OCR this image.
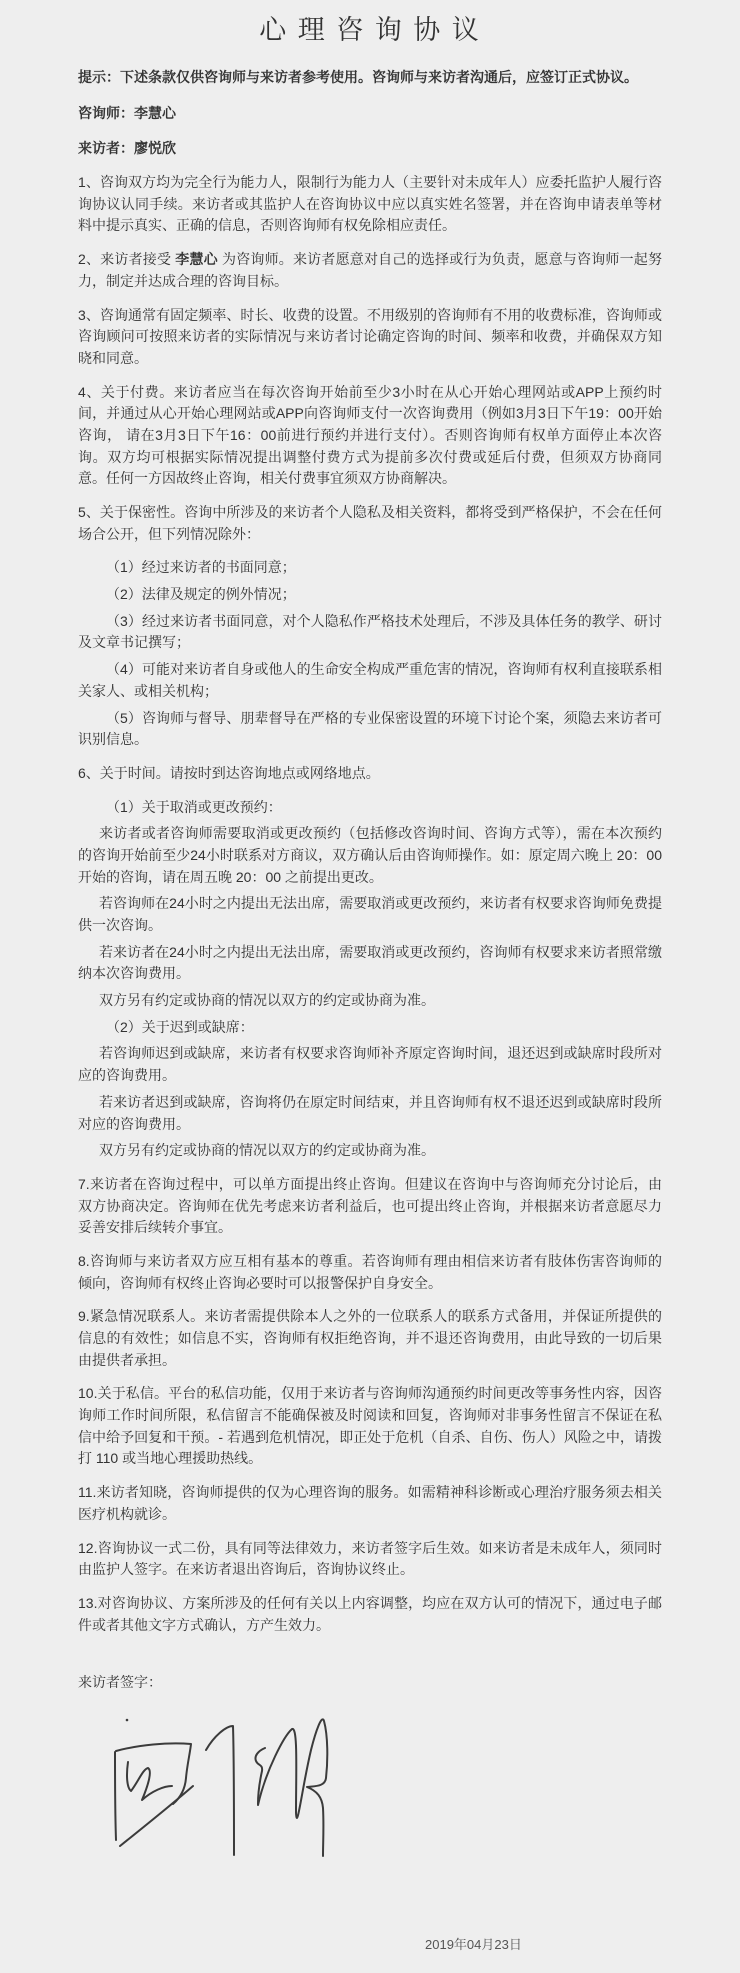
心 理 咨 询 协 议
提示：下述条款仅供咨询师与来访者参考使用。咨询师与来访者沟通后，应签订正式协议。
咨询师：李慧心
来访者：廖悦欣
1、咨询双方均为完全行为能力人，限制行为能力人（主要针对未成年人）应委托监护人履行咨询协议认同手续。来访者或其监护人在咨询协议中应以真实姓名签署，并在咨询申请表单等材料中提示真实、正确的信息，否则咨询师有权免除相应责任。
2、来访者接受 李慧心 为咨询师。来访者愿意对自己的选择或行为负责，愿意与咨询师一起努力，制定并达成合理的咨询目标。
3、咨询通常有固定频率、时长、收费的设置。不用级别的咨询师有不用的收费标准，咨询师或咨询顾问可按照来访者的实际情况与来访者讨论确定咨询的时间、频率和收费，并确保双方知晓和同意。
4、关于付费。来访者应当在每次咨询开始前至少3小时在从心开始心理网站或APP上预约时间，并通过从心开始心理网站或APP向咨询师支付一次咨询费用（例如3月3日下午19：00开始咨询， 请在3月3日下午16：00前进行预约并进行支付）。否则咨询师有权单方面停止本次咨询。双方均可根据实际情况提出调整付费方式为提前多次付费或延后付费，但须双方协商同意。任何一方因故终止咨询，相关付费事宜须双方协商解决。
5、关于保密性。咨询中所涉及的来访者个人隐私及相关资料，都将受到严格保护，不会在任何场合公开，但下列情况除外：
（1）经过来访者的书面同意；
（2）法律及规定的例外情况；
（3）经过来访者书面同意，对个人隐私作严格技术处理后，不涉及具体任务的教学、研讨及文章书记撰写；
（4）可能对来访者自身或他人的生命安全构成严重危害的情况，咨询师有权利直接联系相关家人、或相关机构；
（5）咨询师与督导、朋辈督导在严格的专业保密设置的环境下讨论个案，须隐去来访者可识别信息。
6、关于时间。请按时到达咨询地点或网络地点。
（1）关于取消或更改预约：
来访者或者咨询师需要取消或更改预约（包括修改咨询时间、咨询方式等），需在本次预约的咨询开始前至少24小时联系对方商议，双方确认后由咨询师操作。如：原定周六晚上 20：00 开始的咨询，请在周五晚 20：00 之前提出更改。
若咨询师在24小时之内提出无法出席，需要取消或更改预约，来访者有权要求咨询师免费提供一次咨询。
若来访者在24小时之内提出无法出席，需要取消或更改预约，咨询师有权要求来访者照常缴纳本次咨询费用。
双方另有约定或协商的情况以双方的约定或协商为准。
（2）关于迟到或缺席：
若咨询师迟到或缺席，来访者有权要求咨询师补齐原定咨询时间，退还迟到或缺席时段所对应的咨询费用。
若来访者迟到或缺席，咨询将仍在原定时间结束，并且咨询师有权不退还迟到或缺席时段所对应的咨询费用。
双方另有约定或协商的情况以双方的约定或协商为准。
7.来访者在咨询过程中，可以单方面提出终止咨询。但建议在咨询中与咨询师充分讨论后，由双方协商决定。咨询师在优先考虑来访者利益后，也可提出终止咨询，并根据来访者意愿尽力妥善安排后续转介事宜。
8.咨询师与来访者双方应互相有基本的尊重。若咨询师有理由相信来访者有肢体伤害咨询师的倾向，咨询师有权终止咨询必要时可以报警保护自身安全。
9.紧急情况联系人。来访者需提供除本人之外的一位联系人的联系方式备用，并保证所提供的信息的有效性；如信息不实，咨询师有权拒绝咨询，并不退还咨询费用，由此导致的一切后果由提供者承担。
10.关于私信。平台的私信功能，仅用于来访者与咨询师沟通预约时间更改等事务性内容，因咨询师工作时间所限，私信留言不能确保被及时阅读和回复，咨询师对非事务性留言不保证在私信中给予回复和干预。- 若遇到危机情况，即正处于危机（自杀、自伤、伤人）风险之中，请拨打 110 或当地心理援助热线。
11.来访者知晓，咨询师提供的仅为心理咨询的服务。如需精神科诊断或心理治疗服务须去相关医疗机构就诊。
12.咨询协议一式二份，具有同等法律效力，来访者签字后生效。如来访者是未成年人，须同时由监护人签字。在来访者退出咨询后，咨询协议终止。
13.对咨询协议、方案所涉及的任何有关以上内容调整，均应在双方认可的情况下，通过电子邮件或者其他文字方式确认，方产生效力。
来访者签字：
2019年04月23日
